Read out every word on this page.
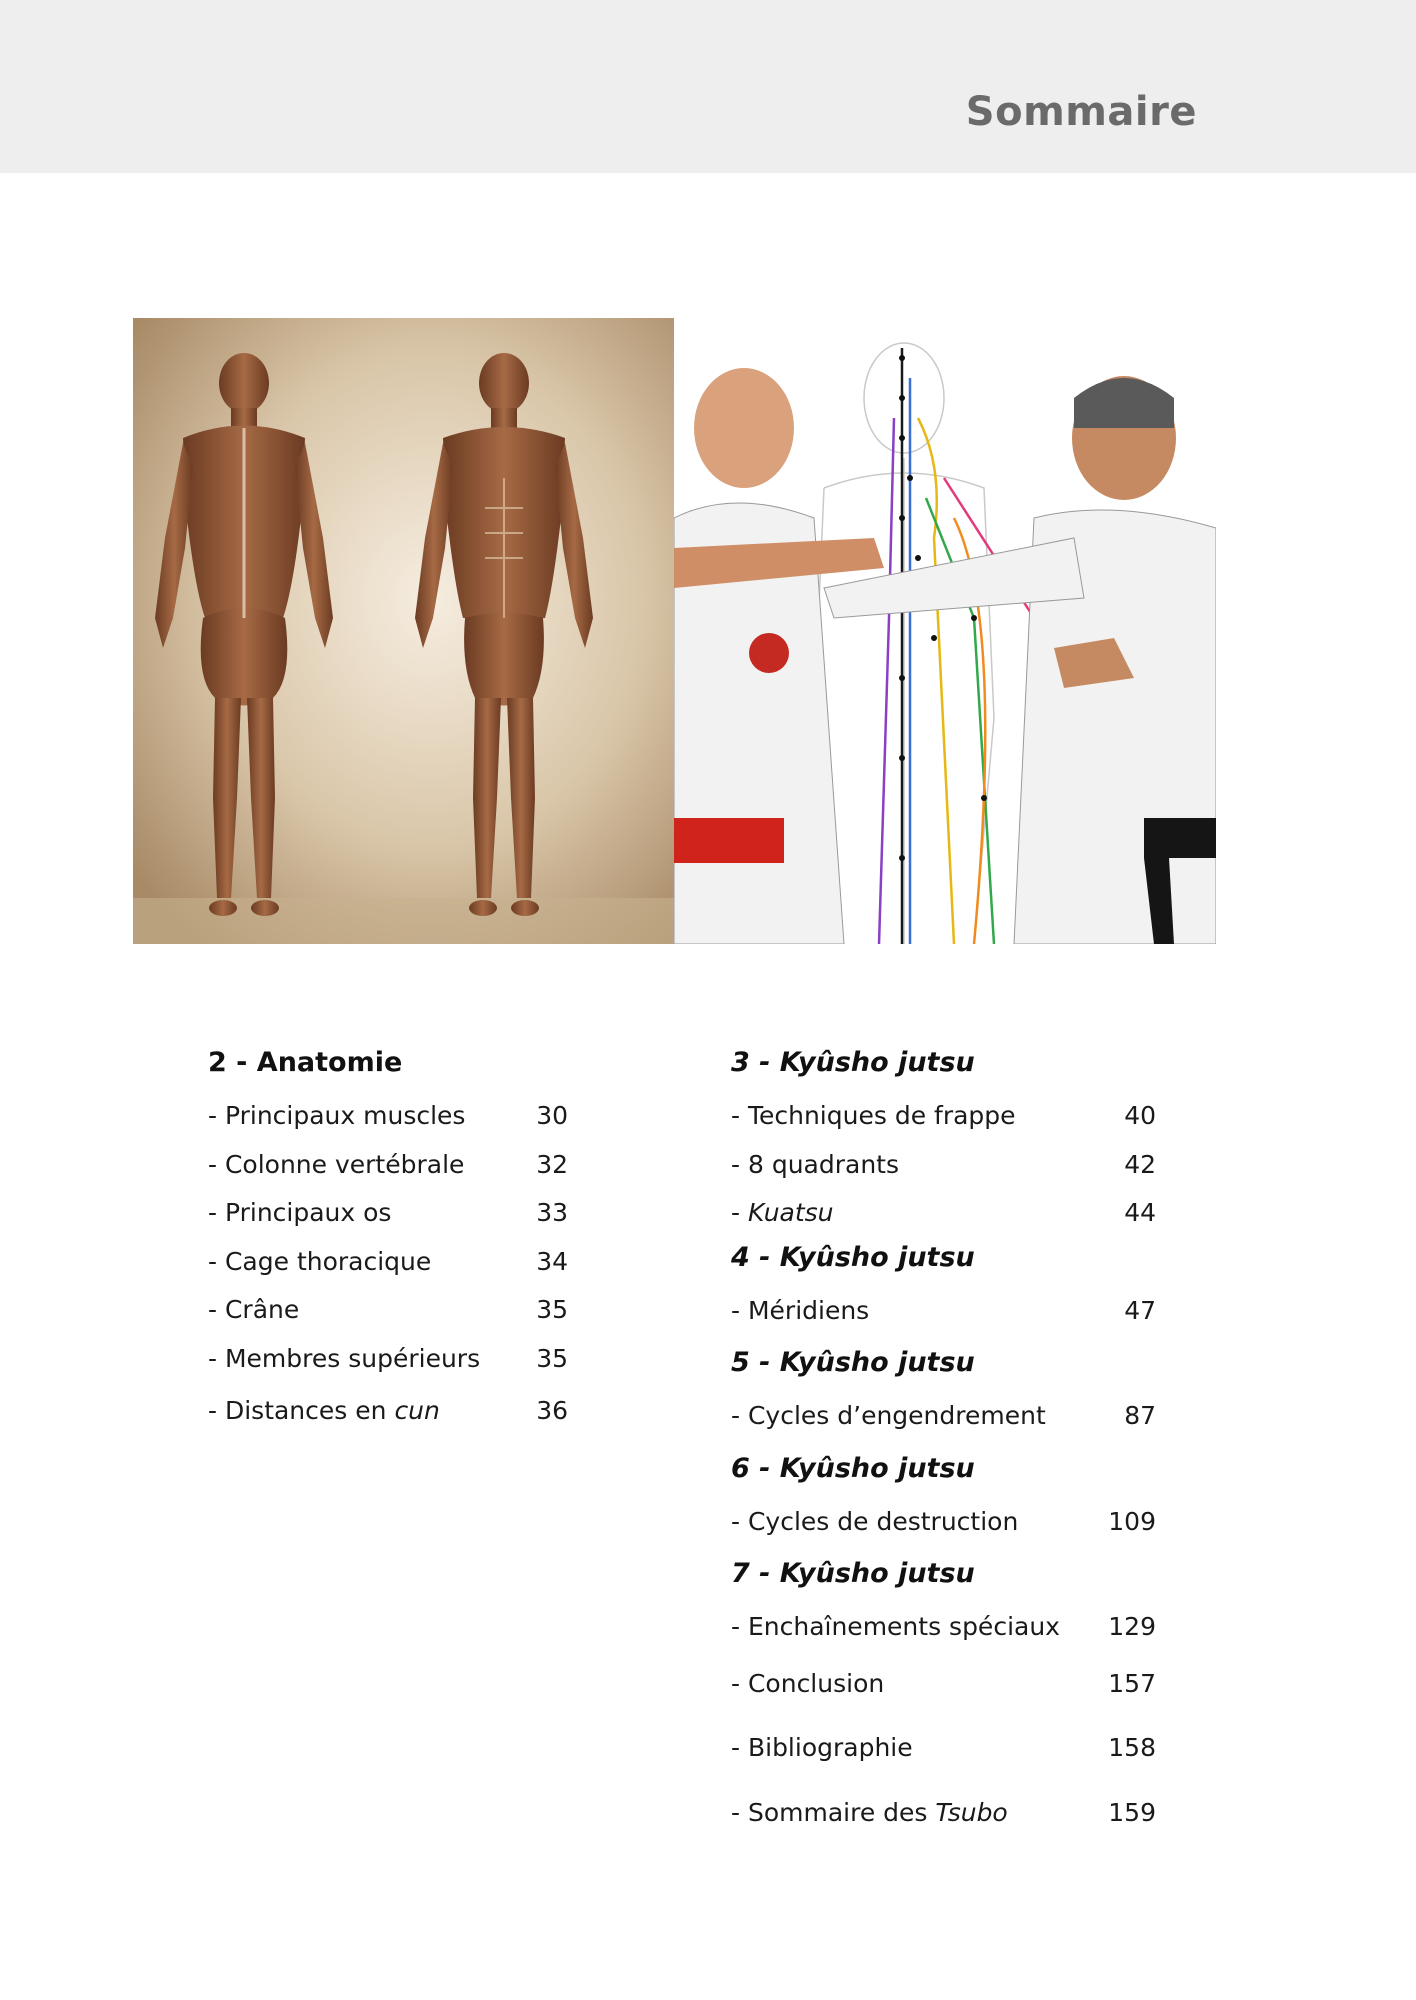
Sommaire
2 - Anatomie
- Principaux muscles	30
- Colonne vertébrale	32
- Principaux os	33
- Cage thoracique	34
- Crâne	35
- Membres supérieurs 35
- Distances en cun	36
3 - Kyûsho jutsu
- Techniques de frappe	40
- 8 quadrants	42
- Kuatsu	44
4 - Kyûsho jutsu
- Méridiens	47
5 - Kyûsho jutsu
- Cycles d’engendrement	87
6 - Kyûsho jutsu
- Cycles de destruction	109
7 - Kyûsho jutsu
- Enchaînements spéciaux 129
- Conclusion	157
- Bibliographie	158
- Sommaire des Tsubo	159
